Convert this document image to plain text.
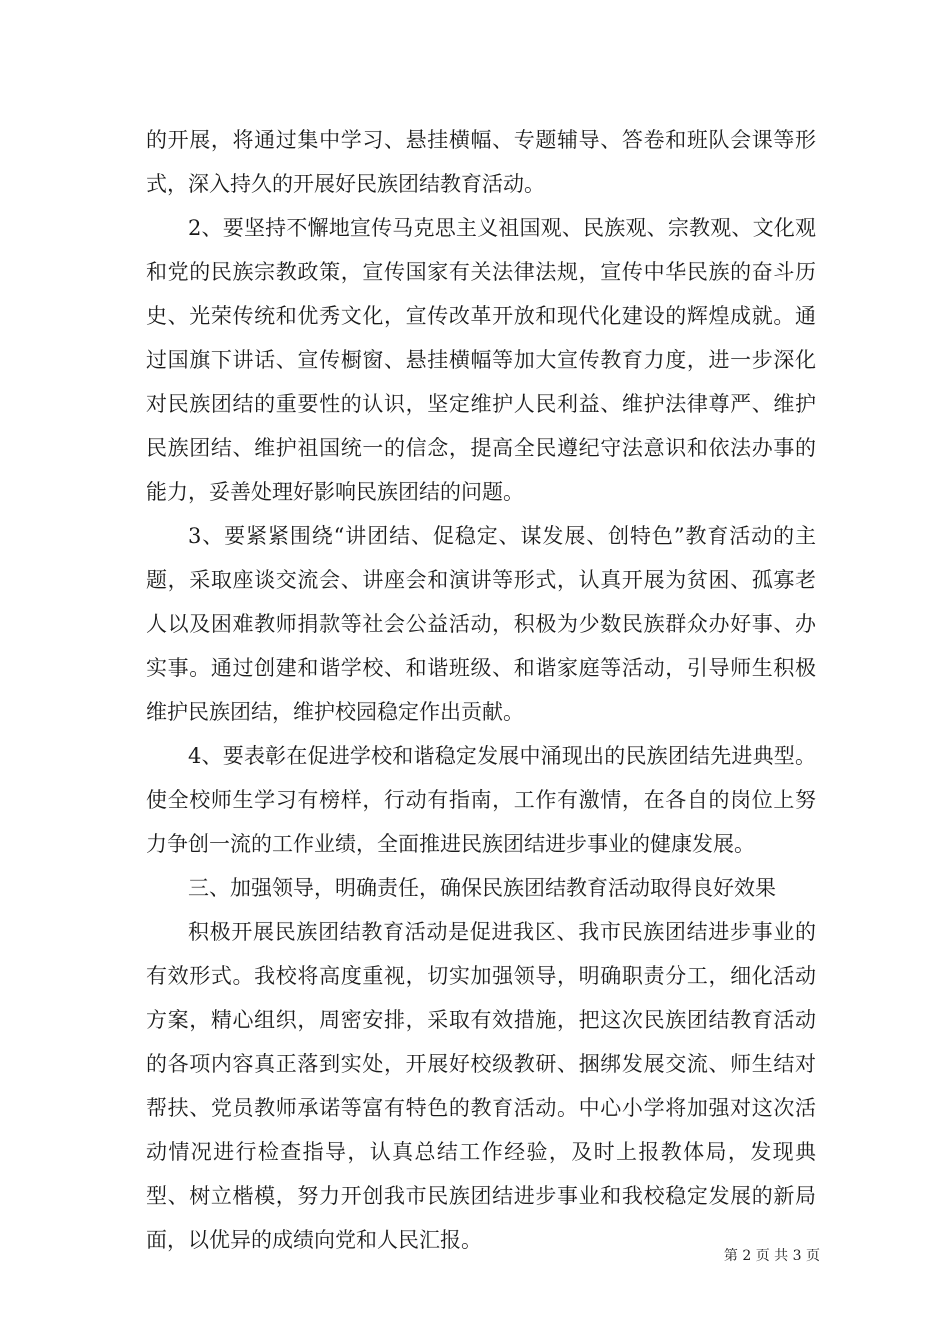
的开展，将通过集中学习、悬挂横幅、专题辅导、答卷和班队会课等形式，深入持久的开展好民族团结教育活动。

2、要坚持不懈地宣传马克思主义祖国观、民族观、宗教观、文化观和党的民族宗教政策，宣传国家有关法律法规，宣传中华民族的奋斗历史、光荣传统和优秀文化，宣传改革开放和现代化建设的辉煌成就。通过国旗下讲话、宣传橱窗、悬挂横幅等加大宣传教育力度，进一步深化对民族团结的重要性的认识，坚定维护人民利益、维护法律尊严、维护民族团结、维护祖国统一的信念，提高全民遵纪守法意识和依法办事的能力，妥善处理好影响民族团结的问题。

3、要紧紧围绕“讲团结、促稳定、谋发展、创特色”教育活动的主题，采取座谈交流会、讲座会和演讲等形式，认真开展为贫困、孤寡老人以及困难教师捐款等社会公益活动，积极为少数民族群众办好事、办实事。通过创建和谐学校、和谐班级、和谐家庭等活动，引导师生积极维护民族团结，维护校园稳定作出贡献。

4、要表彰在促进学校和谐稳定发展中涌现出的民族团结先进典型。使全校师生学习有榜样，行动有指南，工作有激情，在各自的岗位上努力争创一流的工作业绩，全面推进民族团结进步事业的健康发展。

三、加强领导，明确责任，确保民族团结教育活动取得良好效果

积极开展民族团结教育活动是促进我区、我市民族团结进步事业的有效形式。我校将高度重视，切实加强领导，明确职责分工，细化活动方案，精心组织，周密安排，采取有效措施，把这次民族团结教育活动的各项内容真正落到实处，开展好校级教研、捆绑发展交流、师生结对帮扶、党员教师承诺等富有特色的教育活动。中心小学将加强对这次活动情况进行检查指导，认真总结工作经验，及时上报教体局，发现典型、树立楷模，努力开创我市民族团结进步事业和我校稳定发展的新局面，以优异的成绩向党和人民汇报。

第 2 页 共 3 页
